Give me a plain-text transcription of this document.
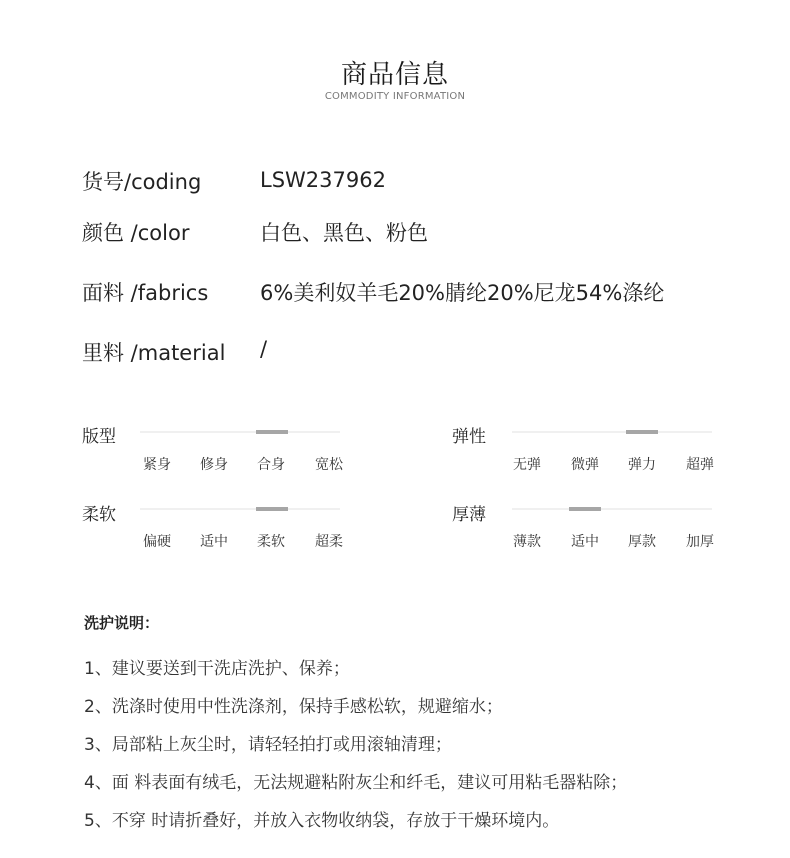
商品信息
COMMODITY INFORMATION
货号/coding	LSW237962
颜色 /color	白色、黑色、粉色
面料 /fabrics 6%美利奴羊毛20%腈纶20%尼龙54%涤纶
里料 /material /
版型
紧身	修身	合身	宽松
弹性
无弹	微弹	弹力	超弹
柔软
偏硬	适中	柔软	超柔
厚薄
薄款	适中	厚款	加厚
洗护说明：
1、建议要送到干洗店洗护、保养；
2、洗涤时使用中性洗涤剂，保持手感松软，规避缩水；
3、局部粘上灰尘时，请轻轻拍打或用滚轴清理；
4、面 料表面有绒毛，无法规避粘附灰尘和纤毛，建议可用粘毛器粘除；
5、不穿 时请折叠好，并放入衣物收纳袋，存放于干燥环境内。
